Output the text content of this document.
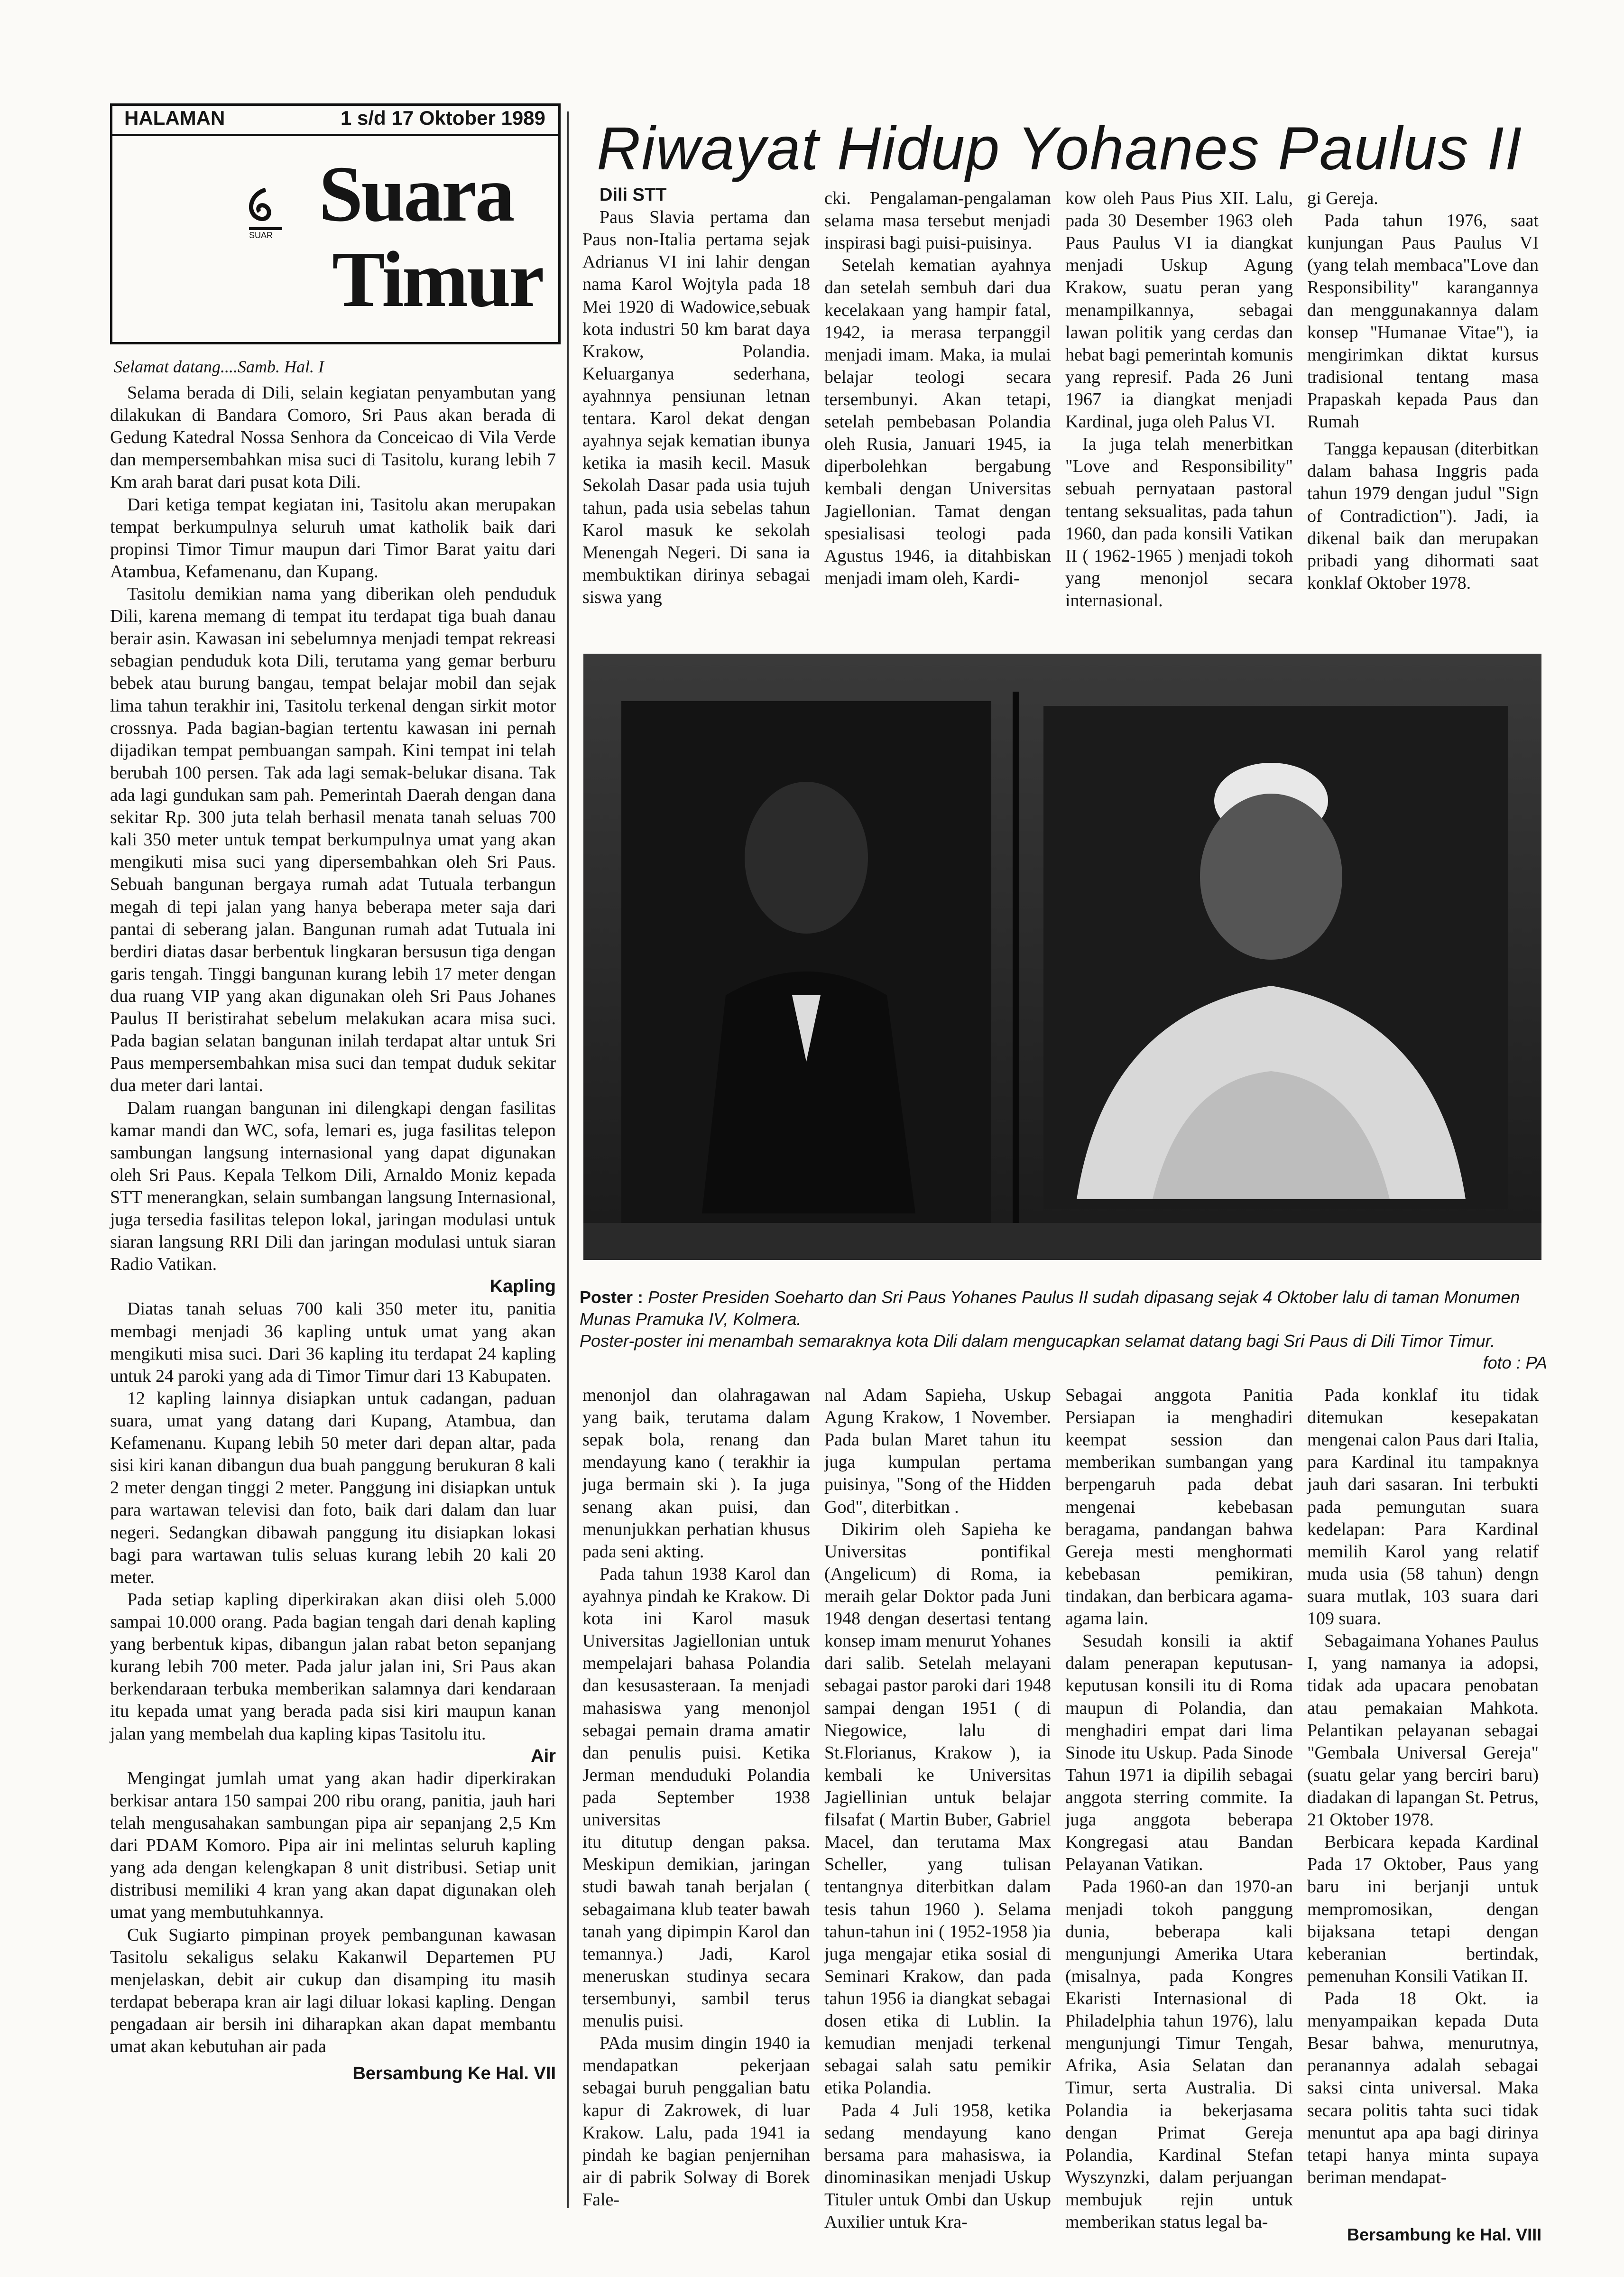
HALAMAN	1 s/d 17 Oktober 1989
SUAR Suara
Timur
Riwayat Hidup Yohanes Paulus II
Selamat datang....Samb. Hal. I

Selama berada di Dili, selain kegiatan penyambutan yang dilakukan di Bandara Comoro, Sri Paus akan berada di Gedung Katedral Nossa Senhora da Conceicao di Vila Verde dan mempersembahkan misa suci di Tasitolu, kurang lebih 7 Km arah barat dari pusat kota Dili.

Dari ketiga tempat kegiatan ini, Tasitolu akan merupakan tempat berkumpulnya seluruh umat katholik baik dari propinsi Timor Timur maupun dari Timor Barat yaitu dari Atambua, Kefamenanu, dan Kupang.

Tasitolu demikian nama yang diberikan oleh penduduk Dili, karena memang di tempat itu terdapat tiga buah danau berair asin. Kawasan ini sebelumnya menjadi tempat rekreasi sebagian penduduk kota Dili, terutama yang gemar berburu bebek atau burung bangau, tempat belajar mobil dan sejak lima tahun terakhir ini, Tasitolu terkenal dengan sirkit motor crossnya. Pada bagian-bagian tertentu kawasan ini pernah dijadikan tempat pembuangan sampah. Kini tempat ini telah berubah 100 persen. Tak ada lagi semak-belukar disana. Tak ada lagi gundukan sam pah. Pemerintah Daerah dengan dana sekitar Rp. 300 juta telah berhasil menata tanah seluas 700 kali 350 meter untuk tempat berkumpulnya umat yang akan mengikuti misa suci yang dipersembahkan oleh Sri Paus. Sebuah bangunan bergaya rumah adat Tutuala terbangun megah di tepi jalan yang hanya beberapa meter saja dari pantai di seberang jalan. Bangunan rumah adat Tutuala ini berdiri diatas dasar berbentuk lingkaran bersusun tiga dengan garis tengah. Tinggi bangunan kurang lebih 17 meter dengan dua ruang VIP yang akan digunakan oleh Sri Paus Johanes Paulus II beristirahat sebelum melakukan acara misa suci. Pada bagian selatan bangunan inilah terdapat altar untuk Sri Paus mempersembahkan misa suci dan tempat duduk sekitar dua meter dari lantai.

Dalam ruangan bangunan ini dilengkapi dengan fasilitas kamar mandi dan WC, sofa, lemari es, juga fasilitas telepon sambungan langsung internasional yang dapat digunakan oleh Sri Paus. Kepala Telkom Dili, Arnaldo Moniz kepada STT menerangkan, selain sumbangan langsung Internasional, juga tersedia fasilitas telepon lokal, jaringan modulasi untuk siaran langsung RRI Dili dan jaringan modulasi untuk siaran Radio Vatikan.

Kapling

Diatas tanah seluas 700 kali 350 meter itu, panitia membagi menjadi 36 kapling untuk umat yang akan mengikuti misa suci. Dari 36 kapling itu terdapat 24 kapling untuk 24 paroki yang ada di Timor Timur dari 13 Kabupaten.

12 kapling lainnya disiapkan untuk cadangan, paduan suara, umat yang datang dari Kupang, Atambua, dan Kefamenanu. Kupang lebih 50 meter dari depan altar, pada sisi kiri kanan dibangun dua buah panggung berukuran 8 kali 2 meter dengan tinggi 2 meter. Panggung ini disiapkan untuk para wartawan televisi dan foto, baik dari dalam dan luar negeri. Sedangkan dibawah panggung itu disiapkan lokasi bagi para wartawan tulis seluas kurang lebih 20 kali 20 meter.

Pada setiap kapling diperkirakan akan diisi oleh 5.000 sampai 10.000 orang. Pada bagian tengah dari denah kapling yang berbentuk kipas, dibangun jalan rabat beton sepanjang kurang lebih 700 meter. Pada jalur jalan ini, Sri Paus akan berkendaraan terbuka memberikan salamnya dari kendaraan itu kepada umat yang berada pada sisi kiri maupun kanan jalan yang membelah dua kapling kipas Tasitolu itu.

Air

Mengingat jumlah umat yang akan hadir diperkirakan berkisar antara 150 sampai 200 ribu orang, panitia, jauh hari telah mengusahakan sambungan pipa air sepanjang 2,5 Km dari PDAM Komoro. Pipa air ini melintas seluruh kapling yang ada dengan kelengkapan 8 unit distribusi. Setiap unit distribusi memiliki 4 kran yang akan dapat digunakan oleh umat yang membutuhkannya.

Cuk Sugiarto pimpinan proyek pembangunan kawasan Tasitolu sekaligus selaku Kakanwil Departemen PU menjelaskan, debit air cukup dan disamping itu masih terdapat beberapa kran air lagi diluar lokasi kapling. Dengan pengadaan air bersih ini diharapkan akan dapat membantu umat akan kebutuhan air pada

Bersambung Ke Hal. VII

Dili STT

Paus Slavia pertama dan Paus non-Italia pertama sejak Adrianus VI ini lahir dengan nama Karol Wojtyla pada 18 Mei 1920 di Wadowice,sebuak kota industri 50 km barat daya Krakow, Polandia. Keluarganya sederhana, ayahnnya pensiunan letnan tentara. Karol dekat dengan ayahnya sejak kematian ibunya ketika ia masih kecil. Masuk Sekolah Dasar pada usia tujuh tahun, pada usia sebelas tahun Karol masuk ke sekolah Menengah Negeri. Di sana ia membuktikan dirinya sebagai siswa yang

cki. Pengalaman-pengalaman selama masa tersebut menjadi inspirasi bagi puisi-puisinya.

Setelah kematian ayahnya dan setelah sembuh dari dua kecelakaan yang hampir fatal, 1942, ia merasa terpanggil menjadi imam. Maka, ia mulai belajar teologi secara tersembunyi. Akan tetapi, setelah pembebasan Polandia oleh Rusia, Januari 1945, ia diperbolehkan bergabung kembali dengan Universitas Jagiellonian. Tamat dengan spesialisasi teologi pada Agustus 1946, ia ditahbiskan menjadi imam oleh, Kardi-

kow oleh Paus Pius XII. Lalu, pada 30 Desember 1963 oleh Paus Paulus VI ia diangkat menjadi Uskup Agung Krakow, suatu peran yang menampilkannya, sebagai lawan politik yang cerdas dan hebat bagi pemerintah komunis yang represif. Pada 26 Juni 1967 ia diangkat menjadi Kardinal, juga oleh Palus VI.

Ia juga telah menerbitkan "Love and Responsibility" sebuah pernyataan pastoral tentang seksualitas, pada tahun 1960, dan pada konsili Vatikan II ( 1962-1965 ) menjadi tokoh yang menonjol secara internasional.

gi Gereja.

Pada tahun 1976, saat kunjungan Paus Paulus VI (yang telah membaca"Love dan Responsibility" karangannya dan menggunakannya dalam konsep "Humanae Vitae"), ia mengirimkan diktat kursus tradisional tentang masa Prapaskah kepada Paus dan Rumah

Tangga kepausan (diterbitkan dalam bahasa Inggris pada tahun 1979 dengan judul "Sign of Contradiction"). Jadi, ia dikenal baik dan merupakan pribadi yang dihormati saat konklaf Oktober 1978.

Poster : Poster Presiden Soeharto dan Sri Paus Yohanes Paulus II sudah dipasang sejak 4 Oktober lalu di taman Monumen Munas Pramuka IV, Kolmera.
Poster-poster ini menambah semaraknya kota Dili dalam mengucapkan selamat datang bagi Sri Paus di Dili Timor Timur.
foto : PA

menonjol dan olahragawan yang baik, terutama dalam sepak bola, renang dan mendayung kano ( terakhir ia juga bermain ski ). Ia juga senang akan puisi, dan menunjukkan perhatian khusus pada seni akting.

Pada tahun 1938 Karol dan ayahnya pindah ke Krakow. Di kota ini Karol masuk Universitas Jagiellonian untuk mempelajari bahasa Polandia dan kesusasteraan. Ia menjadi mahasiswa yang menonjol sebagai pemain drama amatir dan penulis puisi. Ketika Jerman menduduki Polandia pada September 1938 universitas

itu ditutup dengan paksa. Meskipun demikian, jaringan studi bawah tanah berjalan ( sebagaimana klub teater bawah tanah yang dipimpin Karol dan temannya.) Jadi, Karol meneruskan studinya secara tersembunyi, sambil terus menulis puisi.

PAda musim dingin 1940 ia mendapatkan pekerjaan sebagai buruh penggalian batu kapur di Zakrowek, di luar Krakow. Lalu, pada 1941 ia pindah ke bagian penjernihan air di pabrik Solway di Borek Fale-

nal Adam Sapieha, Uskup Agung Krakow, 1 November. Pada bulan Maret tahun itu juga kumpulan pertama puisinya, "Song of the Hidden God", diterbitkan .

Dikirim oleh Sapieha ke Universitas pontifikal (Angelicum) di Roma, ia meraih gelar Doktor pada Juni 1948 dengan desertasi tentang konsep imam menurut Yohanes dari salib. Setelah melayani sebagai pastor paroki dari 1948 sampai dengan 1951 ( di Niegowice, lalu di St.Florianus, Krakow ), ia kembali ke Universitas Jagiellinian untuk belajar filsafat ( Martin Buber, Gabriel Macel, dan terutama Max Scheller, yang tulisan tentangnya diterbitkan dalam tesis tahun 1960 ). Selama tahun-tahun ini ( 1952-1958 )ia juga mengajar etika sosial di Seminari Krakow, dan pada tahun 1956 ia diangkat sebagai dosen etika di Lublin. Ia kemudian menjadi terkenal sebagai salah satu pemikir etika Polandia.

Pada 4 Juli 1958, ketika sedang mendayung kano bersama para mahasiswa, ia dinominasikan menjadi Uskup Tituler untuk Ombi dan Uskup Auxilier untuk Kra-

Sebagai anggota Panitia Persiapan ia menghadiri keempat session dan memberikan sumbangan yang berpengaruh pada debat mengenai kebebasan beragama, pandangan bahwa Gereja mesti menghormati kebebasan pemikiran, tindakan, dan berbicara agama-agama lain.

Sesudah konsili ia aktif dalam penerapan keputusan-keputusan konsili itu di Roma maupun di Polandia, dan menghadiri empat dari lima Sinode itu Uskup. Pada Sinode Tahun 1971 ia dipilih sebagai anggota sterring commite. Ia juga anggota beberapa Kongregasi atau Bandan Pelayanan Vatikan.

Pada 1960-an dan 1970-an menjadi tokoh panggung dunia, beberapa kali mengunjungi Amerika Utara (misalnya, pada Kongres Ekaristi Internasional di Philadelphia tahun 1976), lalu mengunjungi Timur Tengah, Afrika, Asia Selatan dan Timur, serta Australia. Di Polandia ia bekerjasama dengan Primat Gereja Polandia, Kardinal Stefan Wyszynzki, dalam perjuangan membujuk rejin untuk memberikan status legal ba-

Pada konklaf itu tidak ditemukan kesepakatan mengenai calon Paus dari Italia, para Kardinal itu tampaknya jauh dari sasaran. Ini terbukti pada pemungutan suara kedelapan: Para Kardinal memilih Karol yang relatif muda usia (58 tahun) dengn suara mutlak, 103 suara dari 109 suara.

Sebagaimana Yohanes Paulus I, yang namanya ia adopsi, tidak ada upacara penobatan atau pemakaian Mahkota. Pelantikan pelayanan sebagai "Gembala Universal Gereja" (suatu gelar yang berciri baru) diadakan di lapangan St. Petrus, 21 Oktober 1978.

Berbicara kepada Kardinal Pada 17 Oktober, Paus yang baru ini berjanji untuk mempromosikan, dengan bijaksana tetapi dengan keberanian bertindak, pemenuhan Konsili Vatikan II.

Pada 18 Okt. ia menyampaikan kepada Duta Besar bahwa, menurutnya, peranannya adalah sebagai saksi cinta universal. Maka secara politis tahta suci tidak menuntut apa apa bagi dirinya tetapi hanya minta supaya beriman mendapat-

Bersambung ke Hal. VIII
